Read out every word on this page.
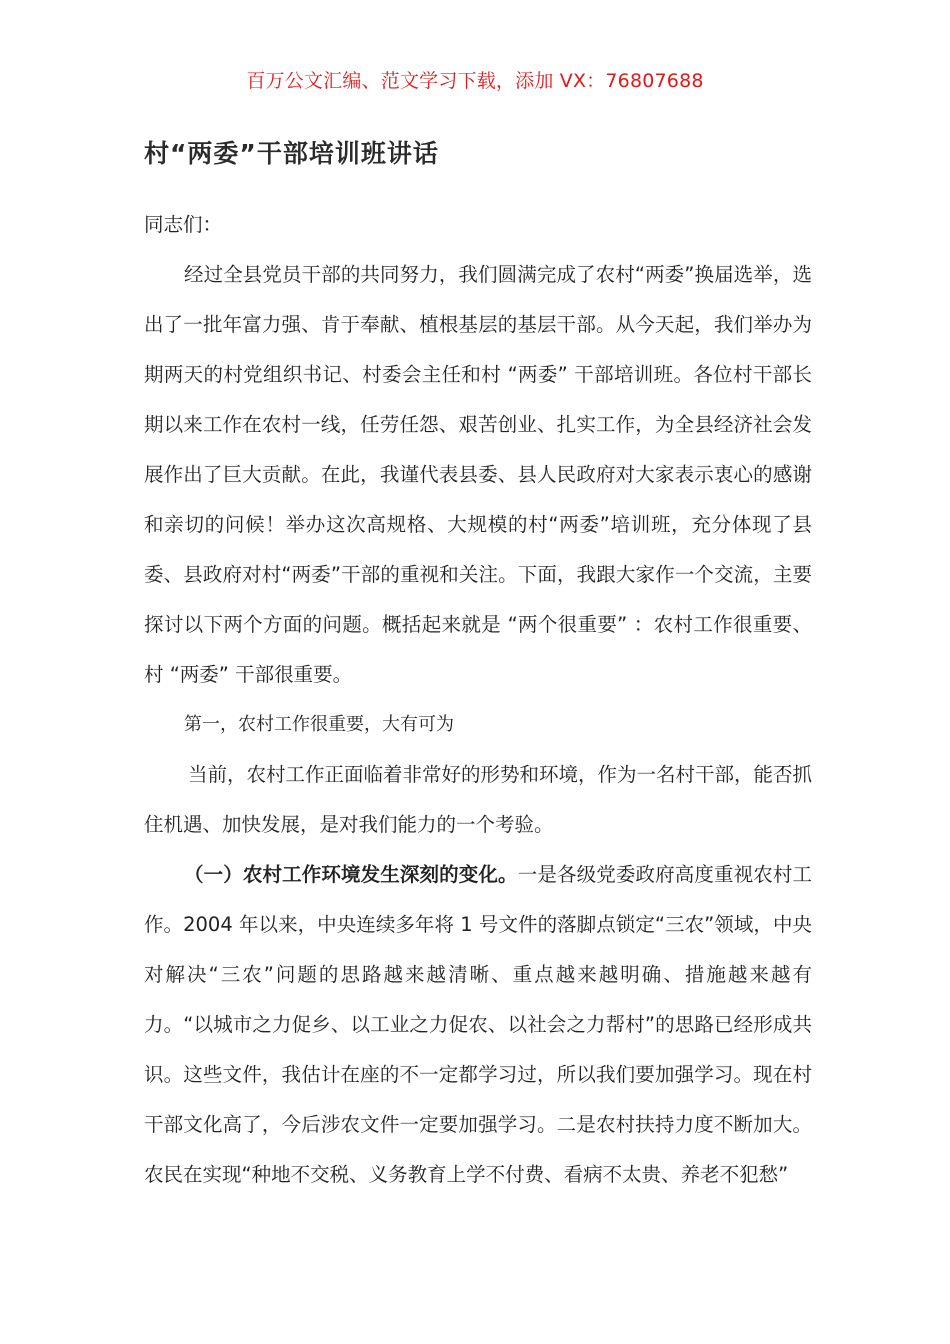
百万公文汇编、范文学习下载，添加 VX：76807688

村“两委”干部培训班讲话

同志们：

经过全县党员干部的共同努力，我们圆满完成了农村“两委”换届选举，选出了一批年富力强、肯于奉献、植根基层的基层干部。从今天起，我们举办为期两天的村党组织书记、村委会主任和村 “两委” 干部培训班。各位村干部长期以来工作在农村一线，任劳任怨、艰苦创业、扎实工作，为全县经济社会发展作出了巨大贡献。在此，我谨代表县委、县人民政府对大家表示衷心的感谢和亲切的问候！举办这次高规格、大规模的村“两委”培训班，充分体现了县委、县政府对村“两委”干部的重视和关注。下面，我跟大家作一个交流，主要探讨以下两个方面的问题。概括起来就是 “两个很重要” ：农村工作很重要、村 “两委” 干部很重要。

第一，农村工作很重要，大有可为

当前，农村工作正面临着非常好的形势和环境，作为一名村干部，能否抓住机遇、加快发展，是对我们能力的一个考验。

（一）农村工作环境发生深刻的变化。一是各级党委政府高度重视农村工作。2004 年以来，中央连续多年将 1 号文件的落脚点锁定“三农”领域，中央对解决“三农”问题的思路越来越清晰、重点越来越明确、措施越来越有力。“以城市之力促乡、以工业之力促农、以社会之力帮村”的思路已经形成共识。这些文件，我估计在座的不一定都学习过，所以我们要加强学习。现在村干部文化高了，今后涉农文件一定要加强学习。二是农村扶持力度不断加大。农民在实现“种地不交税、义务教育上学不付费、看病不太贵、养老不犯愁”
